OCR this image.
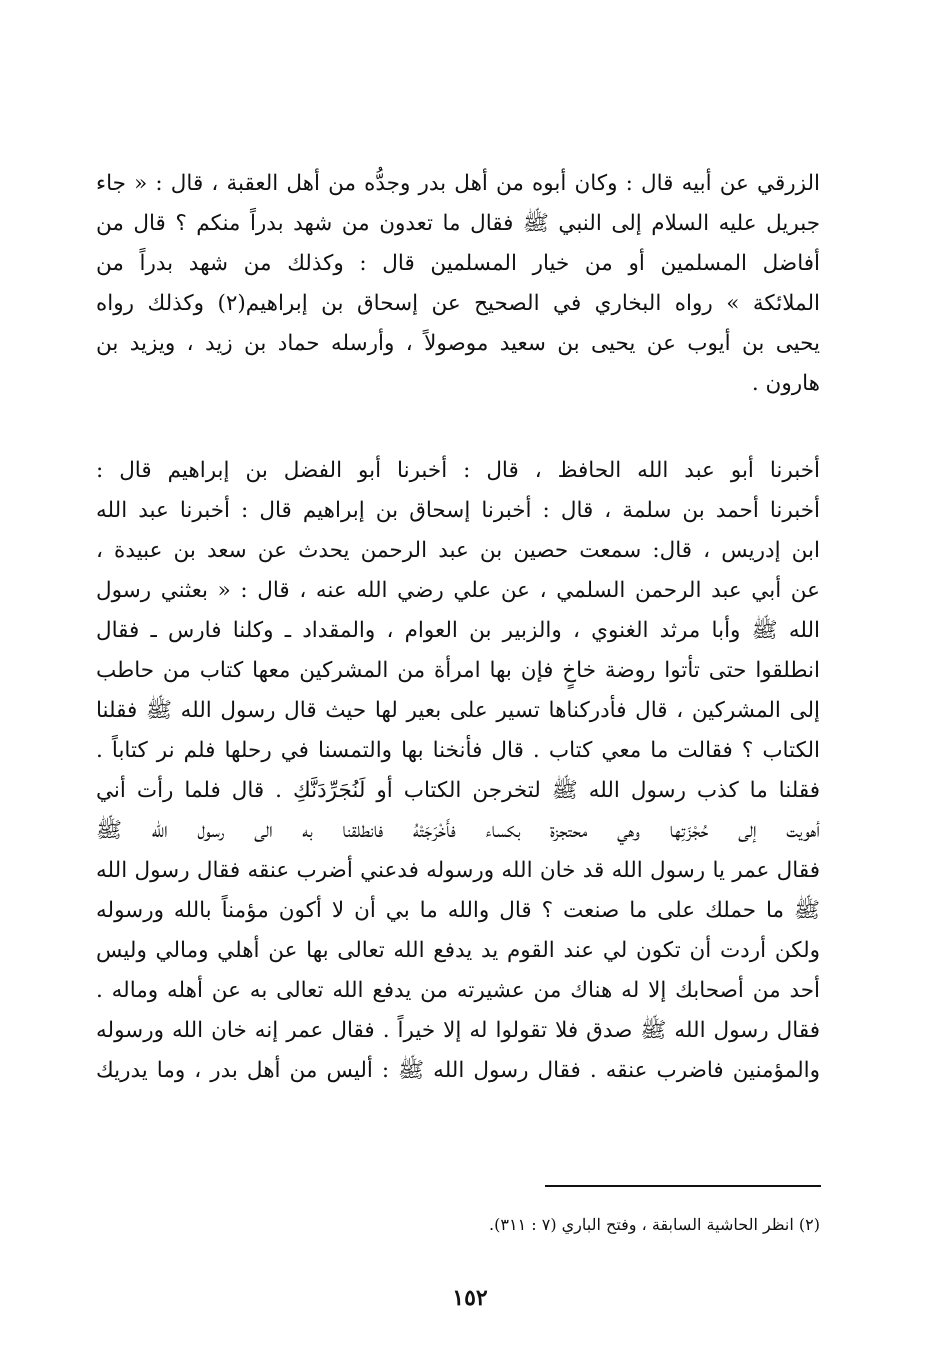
الزرقي عن أبيه قال : وكان أبوه من أهل بدر وجدُّه من أهل العقبة ، قال : « جاء
جبريل عليه السلام إلى النبي ﷺ فقال ما تعدون من شهد بدراً منكم ؟ قال من
أفاضل المسلمين أو من خيار المسلمين قال : وكذلك من شهد بدراً من
الملائكة » رواه البخاري في الصحيح عن إسحاق بن إبراهيم(٢) وكذلك رواه
يحيى بن أيوب عن يحيى بن سعيد موصولاً ، وأرسله حماد بن زيد ، ويزيد بن
هارون .
أخبرنا أبو عبد الله الحافظ ، قال : أخبرنا أبو الفضل بن إبراهيم قال :
أخبرنا أحمد بن سلمة ، قال : أخبرنا إسحاق بن إبراهيم قال : أخبرنا عبد الله
ابن إدريس ، قال: سمعت حصين بن عبد الرحمن يحدث عن سعد بن عبيدة ،
عن أبي عبد الرحمن السلمي ، عن علي رضي الله عنه ، قال : « بعثني رسول
الله ﷺ وأبا مرثد الغنوي ، والزبير بن العوام ، والمقداد ـ وكلنا فارس ـ فقال
انطلقوا حتى تأتوا روضة خاخٍ فإن بها امرأة من المشركين معها كتاب من حاطب
إلى المشركين ، قال فأدركناها تسير على بعير لها حيث قال رسول الله ﷺ فقلنا
الكتاب ؟ فقالت ما معي كتاب . قال فأنخنا بها والتمسنا في رحلها فلم نر كتاباً .
فقلنا ما كذب رسول الله ﷺ لتخرجن الكتاب أو لَنُجَرِّدَنَّكِ . قال فلما رأت أني
أهويت إلى حُجْزَتِها وهي محتجزة بكساء فأَخْرَجَتْهُ فانطلقنا به الى رسول الله ﷺ
فقال عمر يا رسول الله قد خان الله ورسوله فدعني أضرب عنقه فقال رسول الله
ﷺ ما حملك على ما صنعت ؟ قال والله ما بي أن لا أكون مؤمناً بالله ورسوله
ولكن أردت أن تكون لي عند القوم يد يدفع الله تعالى بها عن أهلي ومالي وليس
أحد من أصحابك إلا له هناك من عشيرته من يدفع الله تعالى به عن أهله وماله .
فقال رسول الله ﷺ صدق فلا تقولوا له إلا خيراً . فقال عمر إنه خان الله ورسوله
والمؤمنين فاضرب عنقه . فقال رسول الله ﷺ : أليس من أهل بدر ، وما يدريك
(٢) انظر الحاشية السابقة ، وفتح الباري (٧ : ٣١١).
١٥٢
